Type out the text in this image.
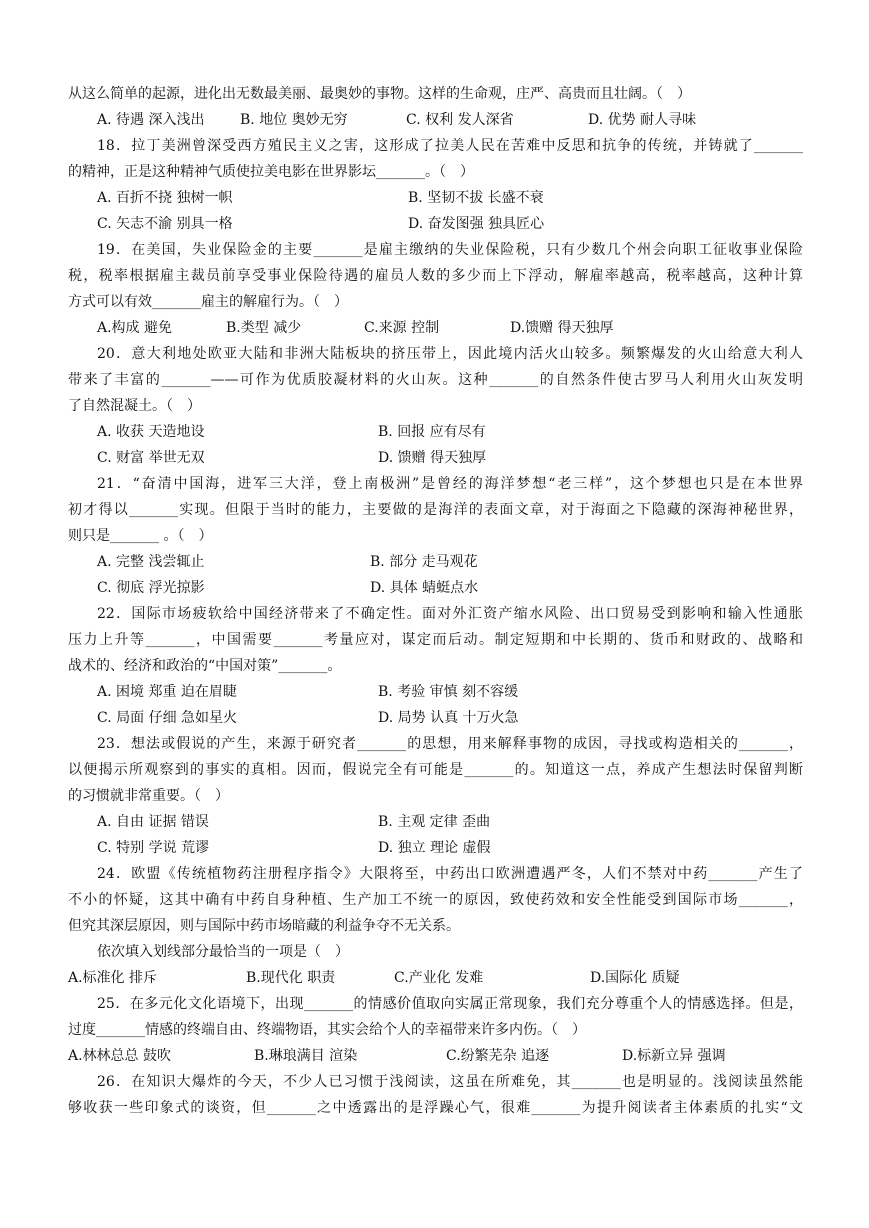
从这么简单的起源，进化出无数最美丽、最奥妙的事物。这样的生命观，庄严、高贵而且壮阔。（　）
A. 待遇 深入浅出	B. 地位 奥妙无穷	C. 权利 发人深省	D. 优势 耐人寻味
18．拉丁美洲曾深受西方殖民主义之害，这形成了拉美人民在苦难中反思和抗争的传统，并铸就了_______
的精神，正是这种精神气质使拉美电影在世界影坛_______。（　）
A. 百折不挠 独树一帜	B. 坚韧不拔 长盛不衰
C. 矢志不渝 别具一格	D. 奋发图强 独具匠心
19．在美国，失业保险金的主要_______是雇主缴纳的失业保险税，只有少数几个州会向职工征收事业保险
税，税率根据雇主裁员前享受事业保险待遇的雇员人数的多少而上下浮动，解雇率越高，税率越高，这种计算
方式可以有效_______雇主的解雇行为。（　）
A.构成 避免	B.类型 减少	C.来源 控制	D.馈赠 得天独厚
20．意大利地处欧亚大陆和非洲大陆板块的挤压带上，因此境内活火山较多。频繁爆发的火山给意大利人
带来了丰富的_______——可作为优质胶凝材料的火山灰。这种_______的自然条件使古罗马人利用火山灰发明
了自然混凝土。（　）
A. 收获 天造地设	B. 回报 应有尽有
C. 财富 举世无双	D. 馈赠 得天独厚
21．“奋清中国海，进军三大洋，登上南极洲”是曾经的海洋梦想“老三样”，这个梦想也只是在本世界
初才得以_______实现。但限于当时的能力，主要做的是海洋的表面文章，对于海面之下隐藏的深海神秘世界，
则只是_______ 。（　）
A. 完整 浅尝辄止	B. 部分 走马观花
C. 彻底 浮光掠影	D. 具体 蜻蜓点水
22．国际市场疲软给中国经济带来了不确定性。面对外汇资产缩水风险、出口贸易受到影响和输入性通胀
压力上升等_______，中国需要_______考量应对，谋定而后动。制定短期和中长期的、货币和财政的、战略和
战术的、经济和政治的“中国对策”_______。
A. 困境 郑重 迫在眉睫	B. 考验 审慎 刻不容缓
C. 局面 仔细 急如星火	D. 局势 认真 十万火急
23．想法或假说的产生，来源于研究者_______的思想，用来解释事物的成因，寻找或构造相关的_______，
以便揭示所观察到的事实的真相。因而，假说完全有可能是_______的。知道这一点，养成产生想法时保留判断
的习惯就非常重要。（　）
A. 自由 证据 错误	B. 主观 定律 歪曲
C. 特别 学说 荒谬	D. 独立 理论 虚假
24．欧盟《传统植物药注册程序指令》大限将至，中药出口欧洲遭遇严冬，人们不禁对中药_______产生了
不小的怀疑，这其中确有中药自身种植、生产加工不统一的原因，致使药效和安全性能受到国际市场_______，
但究其深层原因，则与国际中药市场暗藏的利益争夺不无关系。
依次填入划线部分最恰当的一项是（　）
A.标准化 排斥	B.现代化 职责	C.产业化 发难	D.国际化 质疑
25．在多元化文化语境下，出现_______的情感价值取向实属正常现象，我们充分尊重个人的情感选择。但是，
过度_______情感的终端自由、终端物语，其实会给个人的幸福带来许多内伤。（　）
A.林林总总 鼓吹	B.琳琅满目 渲染	C.纷繁芜杂 追逐	D.标新立异 强调
26．在知识大爆炸的今天，不少人已习惯于浅阅读，这虽在所难免，其_______也是明显的。浅阅读虽然能
够收获一些印象式的谈资，但_______之中透露出的是浮躁心气，很难_______为提升阅读者主体素质的扎实“文
